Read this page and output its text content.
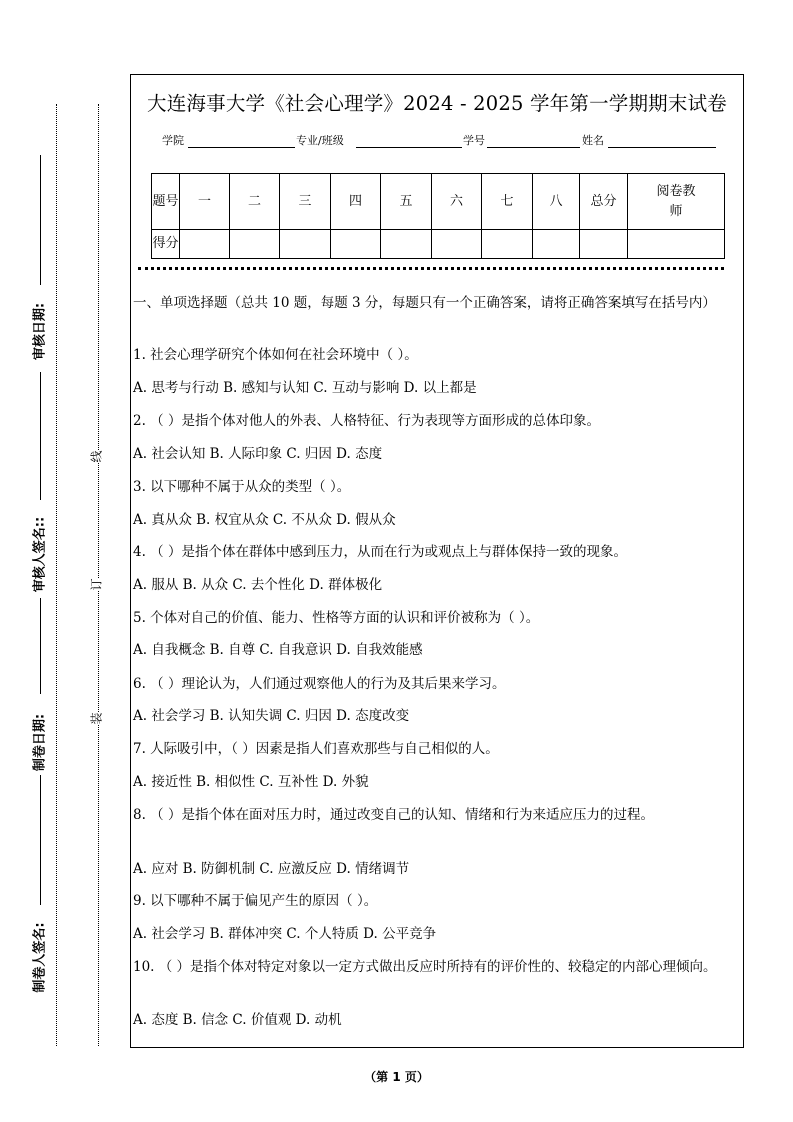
审核日期:
审核人签名::
制卷日期:
制卷人签名:
线
订
装
大连海事大学《社会心理学》2024 - 2025 学年第一学期期末试卷
学院	专业/班级	学号	姓名
题号	一	二	三	四	五	六	七	八	总分	阅卷教师
得分										
一、单项选择题（总共 10 题，每题 3 分，每题只有一个正确答案，请将正确答案填写在括号内）
1. 社会心理学研究个体如何在社会环境中（ ）。
A. 思考与行动 B. 感知与认知 C. 互动与影响 D. 以上都是
2. （ ）是指个体对他人的外表、人格特征、行为表现等方面形成的总体印象。
A. 社会认知 B. 人际印象 C. 归因 D. 态度
3. 以下哪种不属于从众的类型（ ）。
A. 真从众 B. 权宜从众 C. 不从众 D. 假从众
4. （ ）是指个体在群体中感到压力，从而在行为或观点上与群体保持一致的现象。
A. 服从 B. 从众 C. 去个性化 D. 群体极化
5. 个体对自己的价值、能力、性格等方面的认识和评价被称为（ ）。
A. 自我概念 B. 自尊 C. 自我意识 D. 自我效能感
6. （ ）理论认为，人们通过观察他人的行为及其后果来学习。
A. 社会学习 B. 认知失调 C. 归因 D. 态度改变
7. 人际吸引中，（ ）因素是指人们喜欢那些与自己相似的人。
A. 接近性 B. 相似性 C. 互补性 D. 外貌
8. （ ）是指个体在面对压力时，通过改变自己的认知、情绪和行为来适应压力的过程。
A. 应对 B. 防御机制 C. 应激反应 D. 情绪调节
9. 以下哪种不属于偏见产生的原因（ ）。
A. 社会学习 B. 群体冲突 C. 个人特质 D. 公平竞争
10. （ ）是指个体对特定对象以一定方式做出反应时所持有的评价性的、较稳定的内部心理倾向。
A. 态度 B. 信念 C. 价值观 D. 动机
（第 1 页）
